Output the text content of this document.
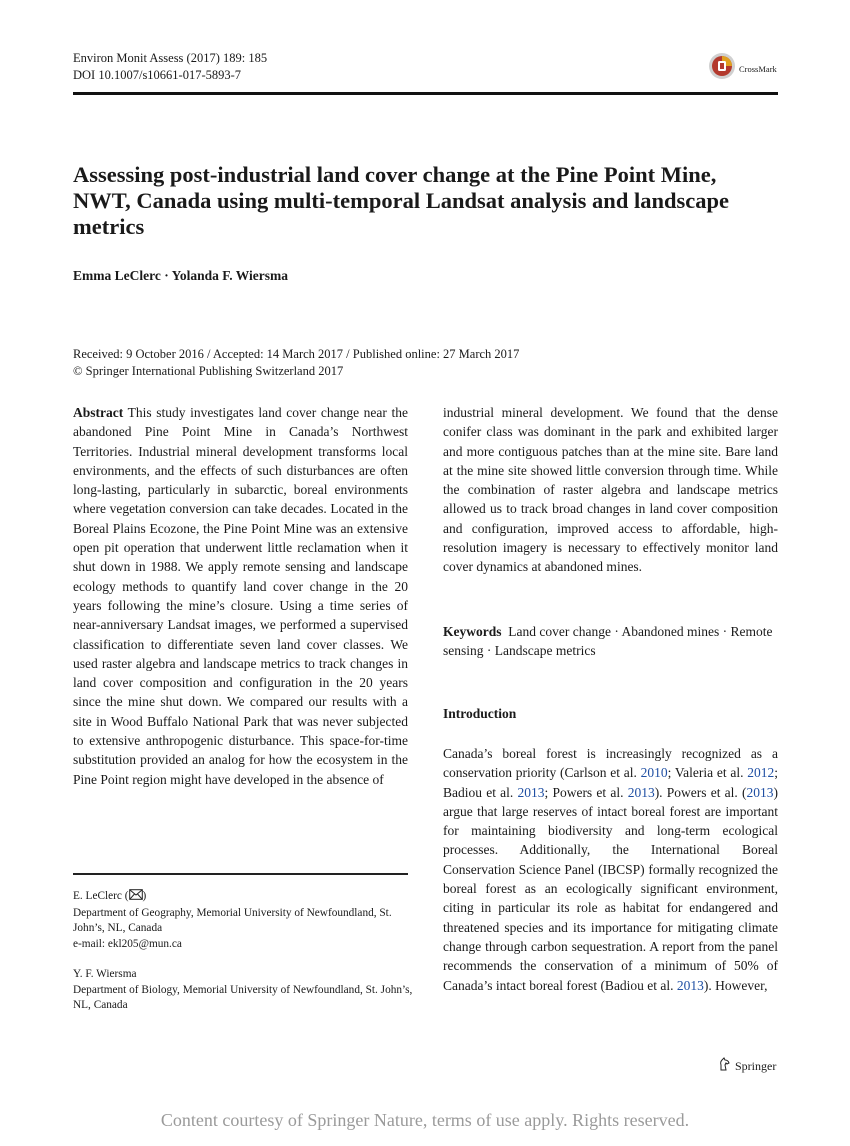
Environ Monit Assess (2017) 189: 185
DOI 10.1007/s10661-017-5893-7	CrossMark
Assessing post-industrial land cover change at the Pine Point Mine, NWT, Canada using multi-temporal Landsat analysis and landscape metrics
Emma LeClerc · Yolanda F. Wiersma
Received: 9 October 2016 / Accepted: 14 March 2017 / Published online: 27 March 2017
© Springer International Publishing Switzerland 2017

Abstract This study investigates land cover change near the abandoned Pine Point Mine in Canada’s Northwest Territories. Industrial mineral development transforms local environments, and the effects of such disturbances are often long-lasting, particularly in subarctic, boreal environments where vegetation conversion can take decades. Located in the Boreal Plains Ecozone, the Pine Point Mine was an extensive open pit operation that underwent little reclamation when it shut down in 1988. We apply remote sensing and landscape ecology methods to quantify land cover change in the 20 years following the mine’s closure. Using a time series of near-anniversary Landsat images, we performed a supervised classification to differentiate seven land cover classes. We used raster algebra and landscape metrics to track changes in land cover composition and configuration in the 20 years since the mine shut down. We compared our results with a site in Wood Buffalo National Park that was never subjected to extensive anthropogenic disturbance. This space-for-time substitution provided an analog for how the ecosystem in the Pine Point region might have developed in the absence of

industrial mineral development. We found that the dense conifer class was dominant in the park and exhibited larger and more contiguous patches than at the mine site. Bare land at the mine site showed little conversion through time. While the combination of raster algebra and landscape metrics allowed us to track broad changes in land cover composition and configuration, improved access to affordable, high-resolution imagery is necessary to effectively monitor land cover dynamics at abandoned mines.

Keywords Land cover change · Abandoned mines · Remote sensing · Landscape metrics

Introduction

Canada’s boreal forest is increasingly recognized as a conservation priority (Carlson et al. 2010; Valeria et al. 2012; Badiou et al. 2013; Powers et al. 2013). Powers et al. (2013) argue that large reserves of intact boreal forest are important for maintaining biodiversity and long-term ecological processes. Additionally, the International Boreal Conservation Science Panel (IBCSP) formally recognized the boreal forest as an ecologically significant environment, citing in particular its role as habitat for endangered and threatened species and its importance for mitigating climate change through carbon sequestration. A report from the panel recommends the conservation of a minimum of 50% of Canada’s intact boreal forest (Badiou et al. 2013). However,

E. LeClerc ( )
Department of Geography, Memorial University of Newfoundland, St. John’s, NL, Canada
e-mail: ekl205@mun.ca
Y. F. Wiersma
Department of Biology, Memorial University of Newfoundland, St. John’s, NL, Canada
Springer
Content courtesy of Springer Nature, terms of use apply. Rights reserved.
